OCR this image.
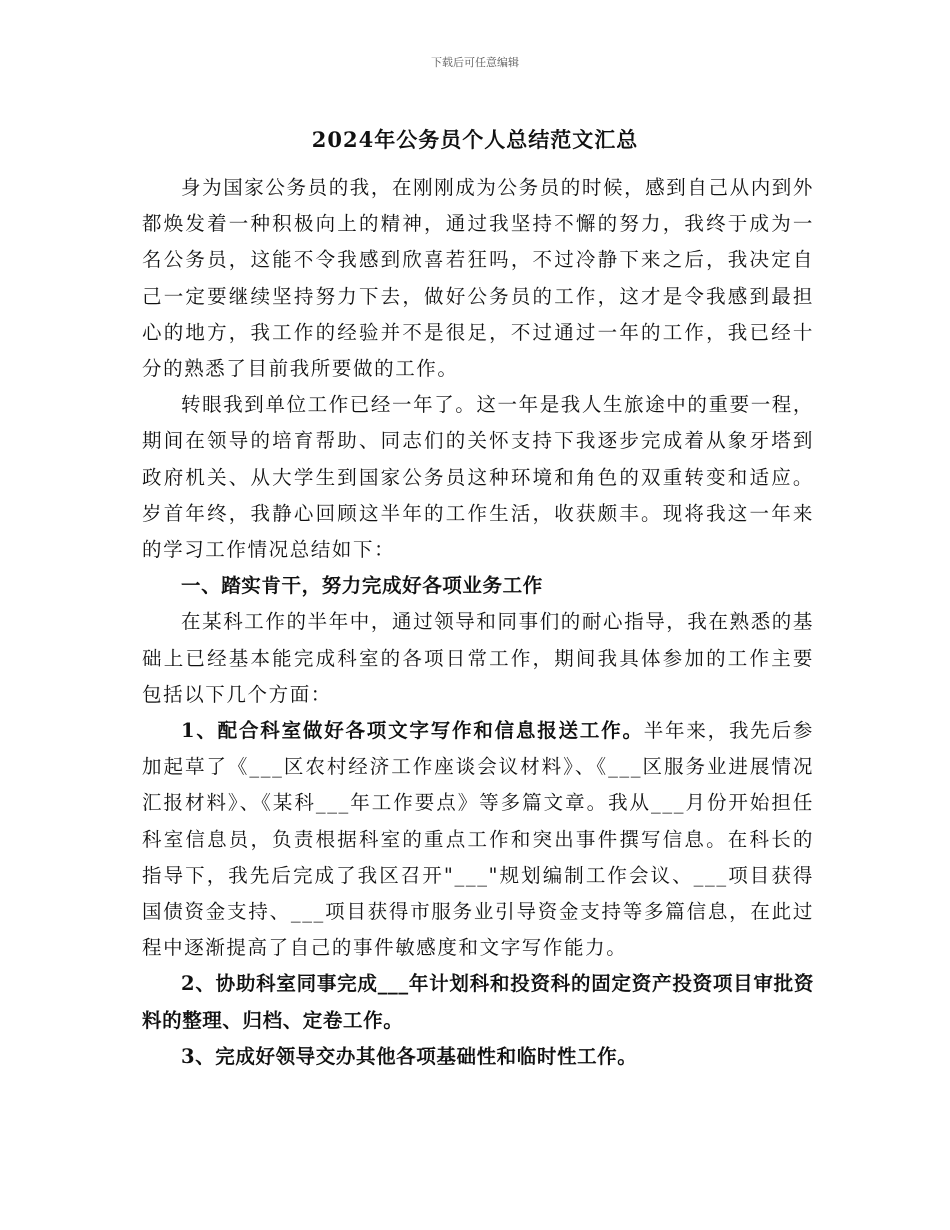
下载后可任意编辑
2024年公务员个人总结范文汇总

身为国家公务员的我，在刚刚成为公务员的时候，感到自己从内到外都焕发着一种积极向上的精神，通过我坚持不懈的努力，我终于成为一名公务员，这能不令我感到欣喜若狂吗，不过冷静下来之后，我决定自己一定要继续坚持努力下去，做好公务员的工作，这才是令我感到最担心的地方，我工作的经验并不是很足，不过通过一年的工作，我已经十分的熟悉了目前我所要做的工作。

转眼我到单位工作已经一年了。这一年是我人生旅途中的重要一程，期间在领导的培育帮助、同志们的关怀支持下我逐步完成着从象牙塔到政府机关、从大学生到国家公务员这种环境和角色的双重转变和适应。岁首年终，我静心回顾这半年的工作生活，收获颇丰。现将我这一年来的学习工作情况总结如下：

一、踏实肯干，努力完成好各项业务工作

在某科工作的半年中，通过领导和同事们的耐心指导，我在熟悉的基础上已经基本能完成科室的各项日常工作，期间我具体参加的工作主要包括以下几个方面：

1、配合科室做好各项文字写作和信息报送工作。半年来，我先后参加起草了《___区农村经济工作座谈会议材料》、《___区服务业进展情况汇报材料》、《某科___年工作要点》等多篇文章。我从___月份开始担任科室信息员，负责根据科室的重点工作和突出事件撰写信息。在科长的指导下，我先后完成了我区召开"___"规划编制工作会议、___项目获得国债资金支持、___项目获得市服务业引导资金支持等多篇信息，在此过程中逐渐提高了自己的事件敏感度和文字写作能力。

2、协助科室同事完成___年计划科和投资科的固定资产投资项目审批资料的整理、归档、定卷工作。

3、完成好领导交办其他各项基础性和临时性工作。
